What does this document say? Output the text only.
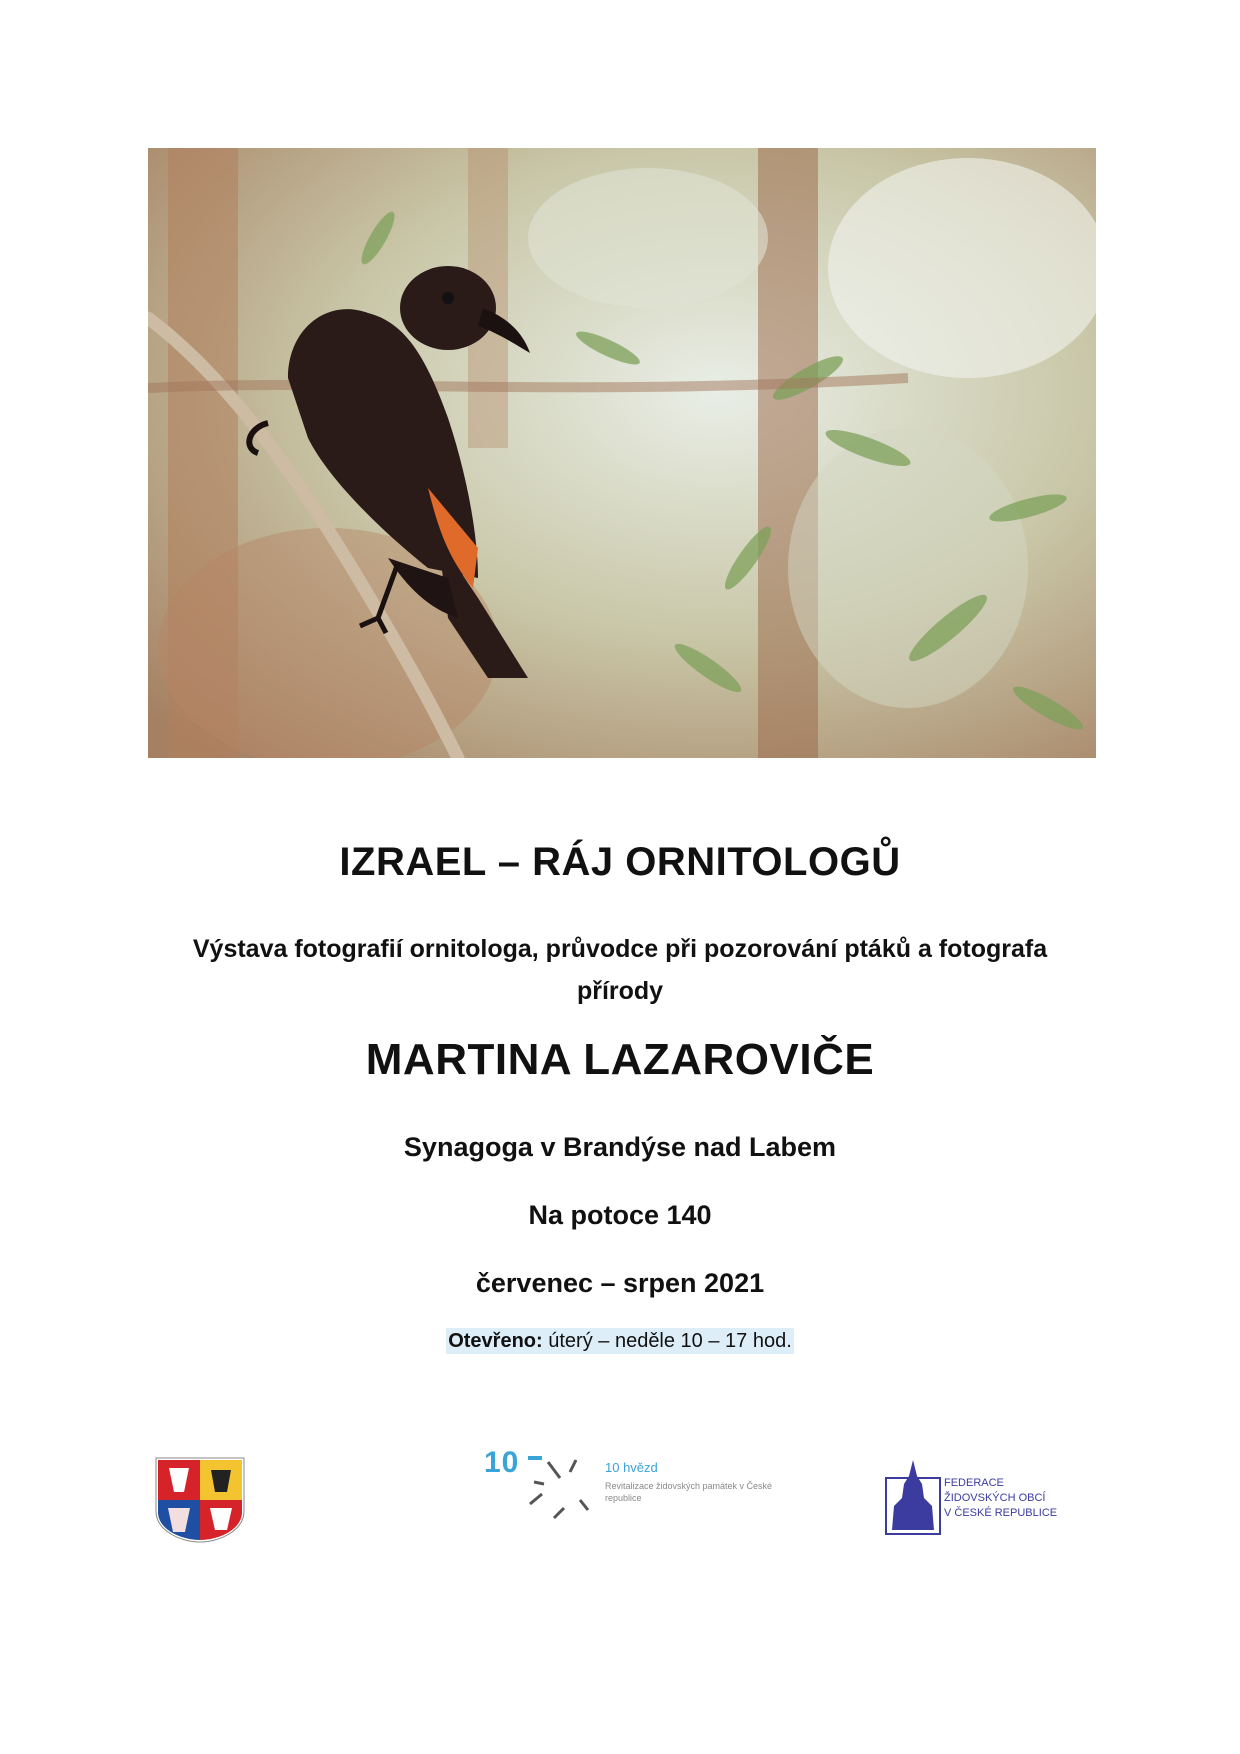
IZRAEL – RÁJ ORNITOLOGŮ
Výstava fotografií ornitologa, průvodce při pozorování ptáků a fotografa přírody
MARTINA LAZAROVIČE
Synagoga v Brandýse nad Labem
Na potoce 140
červenec – srpen 2021
Otevřeno: úterý – neděle 10 – 17 hod.
10	10 hvězd
Revitalizace židovských památek v České republice
FEDERACE
ŽIDOVSKÝCH OBCÍ
V ČESKÉ REPUBLICE
